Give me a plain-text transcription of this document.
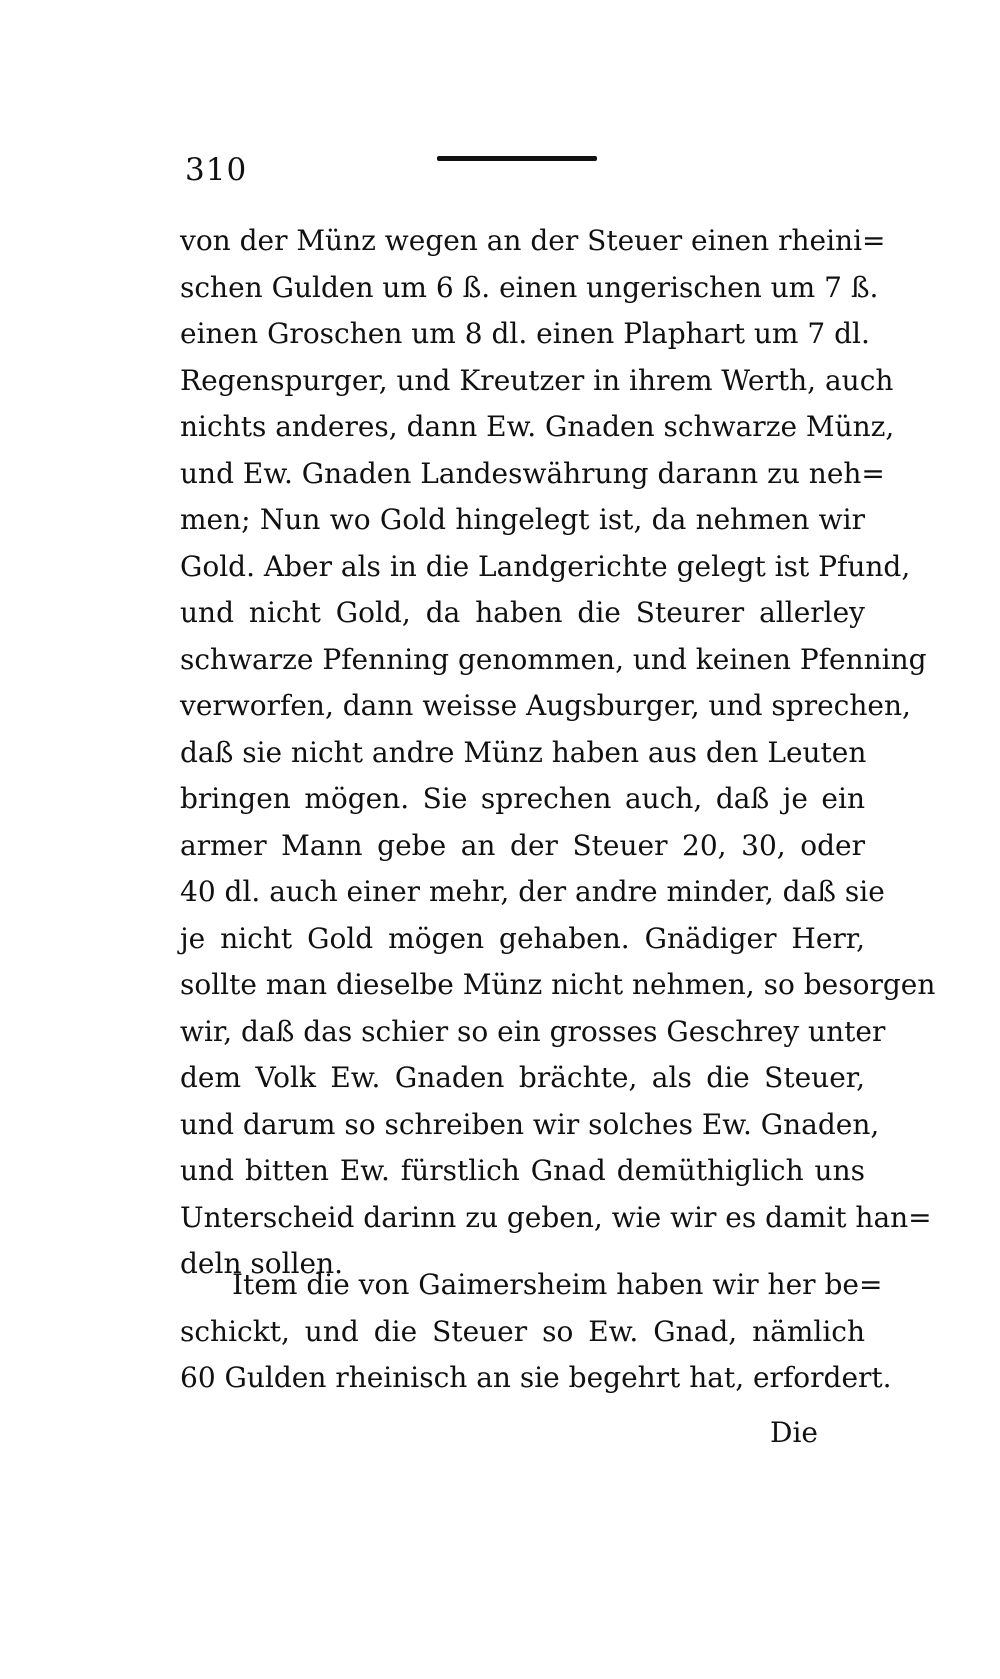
310
von der Münz wegen an der Steuer einen rheini=
schen Gulden um 6 ß. einen ungerischen um 7 ß.
einen Groschen um 8 dl. einen Plaphart um 7 dl.
Regenspurger, und Kreutzer in ihrem Werth, auch
nichts anderes, dann Ew. Gnaden schwarze Münz,
und Ew. Gnaden Landeswährung darann zu neh=
men; Nun wo Gold hingelegt ist, da nehmen wir
Gold. Aber als in die Landgerichte gelegt ist Pfund,
und nicht Gold, da haben die Steurer allerley
schwarze Pfenning genommen, und keinen Pfenning
verworfen, dann weisse Augsburger, und sprechen,
daß sie nicht andre Münz haben aus den Leuten
bringen mögen. Sie sprechen auch, daß je ein
armer Mann gebe an der Steuer 20, 30, oder
40 dl. auch einer mehr, der andre minder, daß sie
je nicht Gold mögen gehaben. Gnädiger Herr,
sollte man dieselbe Münz nicht nehmen, so besorgen
wir, daß das schier so ein grosses Geschrey unter
dem Volk Ew. Gnaden brächte, als die Steuer,
und darum so schreiben wir solches Ew. Gnaden,
und bitten Ew. fürstlich Gnad demüthiglich uns
Unterscheid darinn zu geben, wie wir es damit han=
deln sollen.
Item die von Gaimersheim haben wir her be=
schickt, und die Steuer so Ew. Gnad, nämlich
60 Gulden rheinisch an sie begehrt hat, erfordert.
Die
